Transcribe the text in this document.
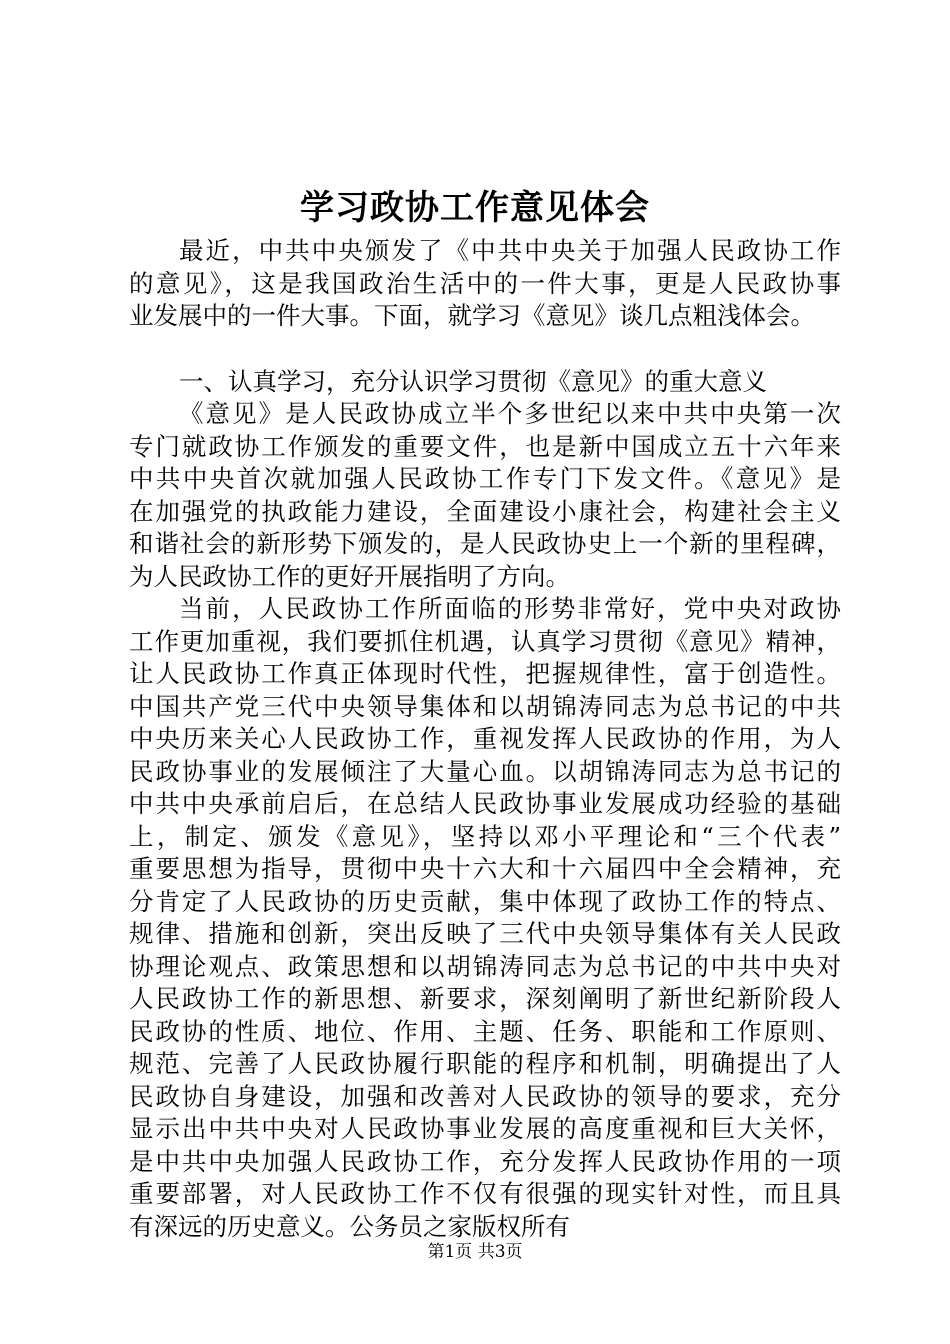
学习政协工作意见体会
最近，中共中央颁发了《中共中央关于加强人民政协工作
的意见》，这是我国政治生活中的一件大事，更是人民政协事
业发展中的一件大事。下面，就学习《意见》谈几点粗浅体会。
一、认真学习，充分认识学习贯彻《意见》的重大意义
《意见》是人民政协成立半个多世纪以来中共中央第一次
专门就政协工作颁发的重要文件，也是新中国成立五十六年来
中共中央首次就加强人民政协工作专门下发文件。《意见》是
在加强党的执政能力建设，全面建设小康社会，构建社会主义
和谐社会的新形势下颁发的，是人民政协史上一个新的里程碑，
为人民政协工作的更好开展指明了方向。
当前，人民政协工作所面临的形势非常好，党中央对政协
工作更加重视，我们要抓住机遇，认真学习贯彻《意见》精神，
让人民政协工作真正体现时代性，把握规律性，富于创造性。
中国共产党三代中央领导集体和以胡锦涛同志为总书记的中共
中央历来关心人民政协工作，重视发挥人民政协的作用，为人
民政协事业的发展倾注了大量心血。以胡锦涛同志为总书记的
中共中央承前启后，在总结人民政协事业发展成功经验的基础
上，制定、颁发《意见》，坚持以邓小平理论和“三个代表”
重要思想为指导，贯彻中央十六大和十六届四中全会精神，充
分肯定了人民政协的历史贡献，集中体现了政协工作的特点、
规律、措施和创新，突出反映了三代中央领导集体有关人民政
协理论观点、政策思想和以胡锦涛同志为总书记的中共中央对
人民政协工作的新思想、新要求，深刻阐明了新世纪新阶段人
民政协的性质、地位、作用、主题、任务、职能和工作原则、
规范、完善了人民政协履行职能的程序和机制，明确提出了人
民政协自身建设，加强和改善对人民政协的领导的要求，充分
显示出中共中央对人民政协事业发展的高度重视和巨大关怀，
是中共中央加强人民政协工作，充分发挥人民政协作用的一项
重要部署，对人民政协工作不仅有很强的现实针对性，而且具
有深远的历史意义。公务员之家版权所有
第1页 共3页
